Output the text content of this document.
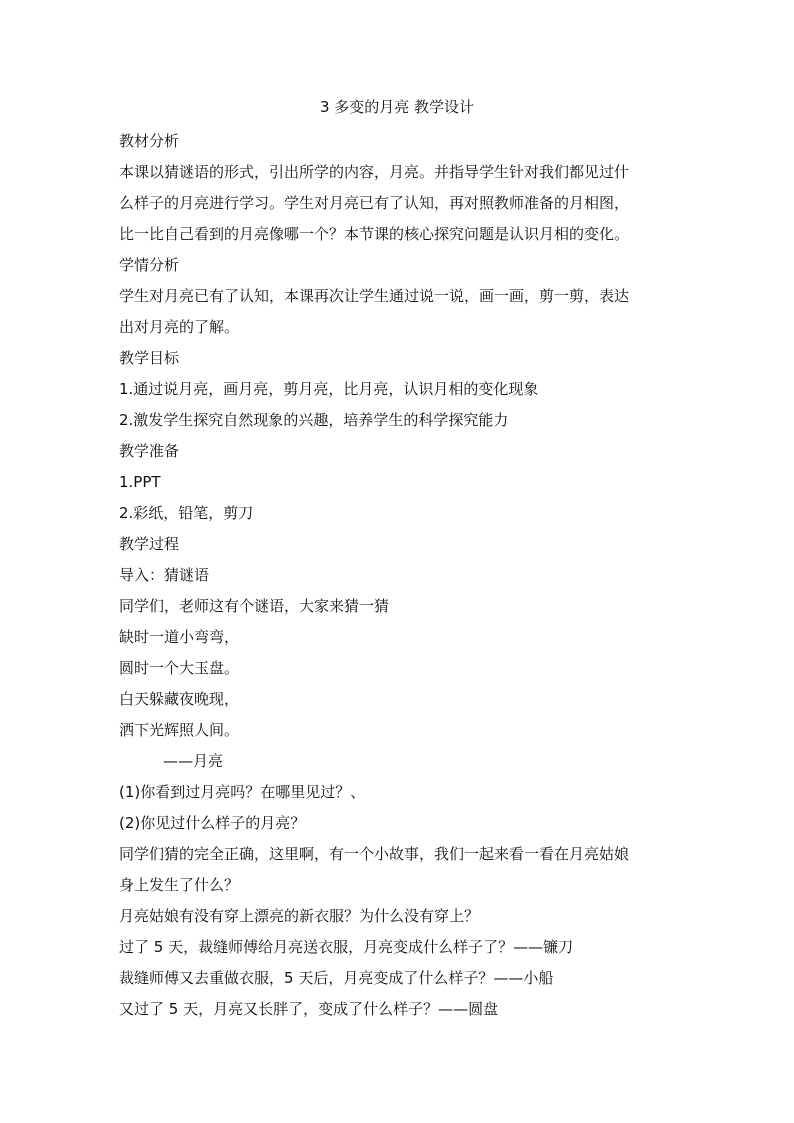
3 多变的月亮 教学设计
教材分析
本课以猜谜语的形式，引出所学的内容，月亮。并指导学生针对我们都见过什
么样子的月亮进行学习。学生对月亮已有了认知，再对照教师准备的月相图，
比一比自己看到的月亮像哪一个？本节课的核心探究问题是认识月相的变化。
学情分析
学生对月亮已有了认知，本课再次让学生通过说一说，画一画，剪一剪，表达
出对月亮的了解。
教学目标
1.通过说月亮，画月亮，剪月亮，比月亮，认识月相的变化现象
2.激发学生探究自然现象的兴趣，培养学生的科学探究能力
教学准备
1.PPT
2.彩纸，铅笔，剪刀
教学过程
导入：猜谜语
同学们，老师这有个谜语，大家来猜一猜
缺时一道小弯弯，
圆时一个大玉盘。
白天躲藏夜晚现，
洒下光辉照人间。
——月亮
(1)你看到过月亮吗？在哪里见过？、
(2)你见过什么样子的月亮？
同学们猜的完全正确，这里啊，有一个小故事，我们一起来看一看在月亮姑娘
身上发生了什么？
月亮姑娘有没有穿上漂亮的新衣服？为什么没有穿上？
过了 5 天，裁缝师傅给月亮送衣服，月亮变成什么样子了？——镰刀
裁缝师傅又去重做衣服，5 天后，月亮变成了什么样子？——小船
又过了 5 天，月亮又长胖了，变成了什么样子？——圆盘
